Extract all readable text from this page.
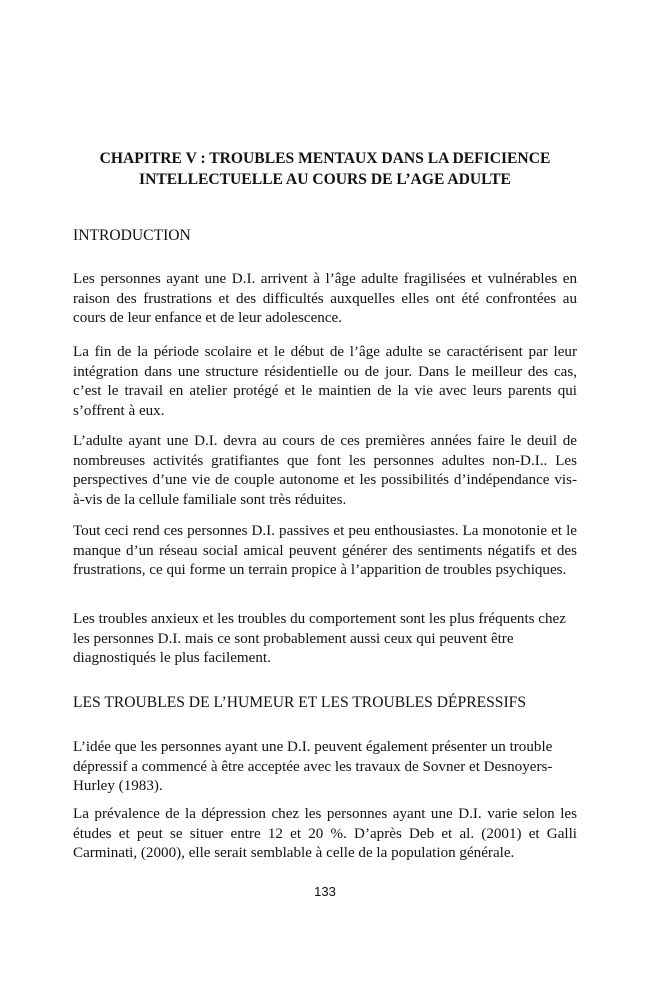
CHAPITRE V : TROUBLES MENTAUX DANS LA DEFICIENCE
INTELLECTUELLE AU COURS DE L’AGE ADULTE
INTRODUCTION

Les personnes ayant une D.I. arrivent à l’âge adulte fragilisées et vulnérables en raison des frustrations et des difficultés auxquelles elles ont été confrontées au cours de leur enfance et de leur adolescence.

La fin de la période scolaire et le début de l’âge adulte se caractérisent par leur intégration dans une structure résidentielle ou de jour. Dans le meilleur des cas, c’est le travail en atelier protégé et le maintien de la vie avec leurs parents qui s’offrent à eux.

L’adulte ayant une D.I. devra au cours de ces premières années faire le deuil de nombreuses activités gratifiantes que font les personnes adultes non-D.I.. Les perspectives d’une vie de couple autonome et les possibilités d’indépendance vis-à-vis de la cellule familiale sont très réduites.

Tout ceci rend ces personnes D.I. passives et peu enthousiastes. La monotonie et le manque d’un réseau social amical peuvent générer des sentiments négatifs et des frustrations, ce qui forme un terrain propice à l’apparition de troubles psychiques.

Les troubles anxieux et les troubles du comportement sont les plus fréquents chez les personnes D.I. mais ce sont probablement aussi ceux qui peuvent être diagnostiqués le plus facilement.

LES TROUBLES DE L’HUMEUR ET LES TROUBLES DÉPRESSIFS

L’idée que les personnes ayant une D.I. peuvent également présenter un trouble dépressif a commencé à être acceptée avec les travaux de Sovner et Desnoyers-Hurley (1983).

La prévalence de la dépression chez les personnes ayant une D.I. varie selon les études et peut se situer entre 12 et 20 %. D’après Deb et al. (2001) et Galli Carminati, (2000), elle serait semblable à celle de la population générale.

133
